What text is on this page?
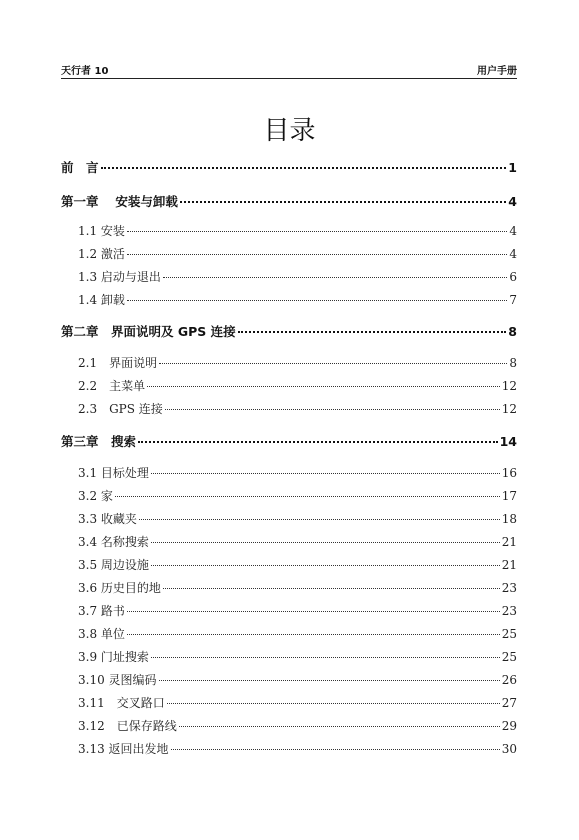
天行者 10	用户手册
目录
前　言	1
第一章　 安装与卸载	4
1.1 安装	4
1.2 激活	4
1.3 启动与退出	6
1.4 卸载	7
第二章　界面说明及 GPS 连接	8
2.1　界面说明	8
2.2　主菜单	12
2.3　GPS 连接	12
第三章　搜索	14
3.1 目标处理	16
3.2 家	17
3.3 收藏夹	18
3.4 名称搜索	21
3.5 周边设施	21
3.6 历史目的地	23
3.7 路书	23
3.8 单位	25
3.9 门址搜索	25
3.10 灵图编码	26
3.11　交叉路口	27
3.12　已保存路线	29
3.13 返回出发地	30
